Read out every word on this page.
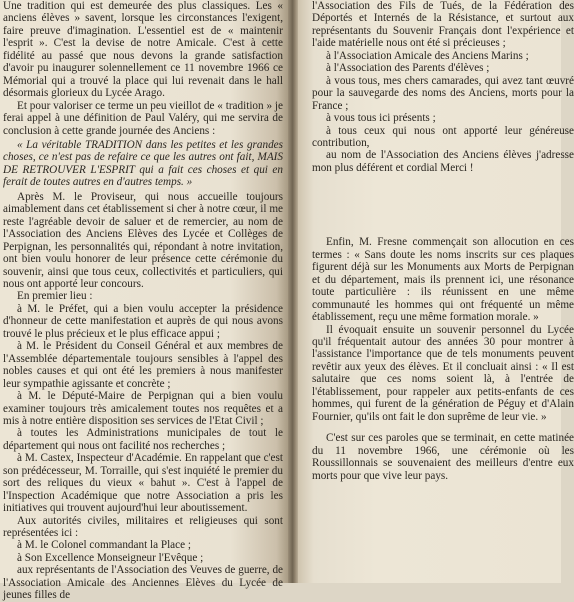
Une tradition qui est demeurée des plus classiques. Les « anciens élèves » savent, lorsque les circonstances l'exigent, faire preuve d'imagination. L'essentiel est de « maintenir l'esprit ». C'est la devise de notre Amicale. C'est à cette fidélité au passé que nous devons la grande satisfaction d'avoir pu inaugurer solennellement ce 11 novembre 1966 ce Mémorial qui a trouvé la place qui lui revenait dans le hall désormais glorieux du Lycée Arago.

Et pour valoriser ce terme un peu vieillot de « tradition » je ferai appel à une définition de Paul Valéry, qui me servira de conclusion à cette grande journée des Anciens :

« La véritable TRADITION dans les petites et les grandes choses, ce n'est pas de refaire ce que les autres ont fait, MAIS DE RETROUVER L'ESPRIT qui a fait ces choses et qui en ferait de toutes autres en d'autres temps. »

Après M. le Proviseur, qui nous accueille toujours aimablement dans cet établissement si cher à notre cœur, il me reste l'agréable devoir de saluer et de remercier, au nom de l'Association des Anciens Elèves des Lycée et Collèges de Perpignan, les personnalités qui, répondant à notre invitation, ont bien voulu honorer de leur présence cette cérémonie du souvenir, ainsi que tous ceux, collectivités et particuliers, qui nous ont apporté leur concours.

En premier lieu :

à M. le Préfet, qui a bien voulu accepter la présidence d'honneur de cette manifestation et auprès de qui nous avons trouvé le plus précieux et le plus efficace appui ;

à M. le Président du Conseil Général et aux membres de l'Assemblée départementale toujours sensibles à l'appel des nobles causes et qui ont été les premiers à nous manifester leur sympathie agissante et concrète ;

à M. le Député-Maire de Perpignan qui a bien voulu examiner toujours très amicalement toutes nos requêtes et a mis à notre entière disposition ses services de l'Etat Civil ;

à toutes les Administrations municipales de tout le département qui nous ont facilité nos recherches ;

à M. Castex, Inspecteur d'Académie. En rappelant que c'est son prédécesseur, M. Torraille, qui s'est inquiété le premier du sort des reliques du vieux « bahut ». C'est à l'appel de l'Inspection Académique que notre Association a pris les initiatives qui trouvent aujourd'hui leur aboutissement.

Aux autorités civiles, militaires et religieuses qui sont représentées ici :

à M. le Colonel commandant la Place ;

à Son Excellence Monseigneur l'Evêque ;

aux représentants de l'Association des Veuves de guerre, de l'Association Amicale des Anciennes Elèves du Lycée de jeunes filles de

l'Association des Fils de Tués, de la Fédération des Déportés et Internés de la Résistance, et surtout aux représentants du Souvenir Français dont l'expérience et l'aide matérielle nous ont été si précieuses ;

à l'Association Amicale des Anciens Marins ;

à l'Association des Parents d'élèves ;

à vous tous, mes chers camarades, qui avez tant œuvré pour la sauvegarde des noms des Anciens, morts pour la France ;

à vous tous ici présents ;

à tous ceux qui nous ont apporté leur généreuse contribution,

au nom de l'Association des Anciens élèves j'adresse mon plus déférent et cordial Merci !

Enfin, M. Fresne commençait son allocution en ces termes : « Sans doute les noms inscrits sur ces plaques figurent déjà sur les Monuments aux Morts de Perpignan et du département, mais ils prennent ici, une résonance toute particulière : ils réunissent en une même communauté les hommes qui ont fréquenté un même établissement, reçu une même formation morale. »

Il évoquait ensuite un souvenir personnel du Lycée qu'il fréquentait autour des années 30 pour montrer à l'assistance l'importance que de tels monuments peuvent revêtir aux yeux des élèves. Et il concluait ainsi : « Il est salutaire que ces noms soient là, à l'entrée de l'établissement, pour rappeler aux petits-enfants de ces hommes, qui furent de la génération de Péguy et d'Alain Fournier, qu'ils ont fait le don suprême de leur vie. »

C'est sur ces paroles que se terminait, en cette matinée du 11 novembre 1966, une cérémonie où les Roussillonnais se souvenaient des meilleurs d'entre eux morts pour que vive leur pays.
